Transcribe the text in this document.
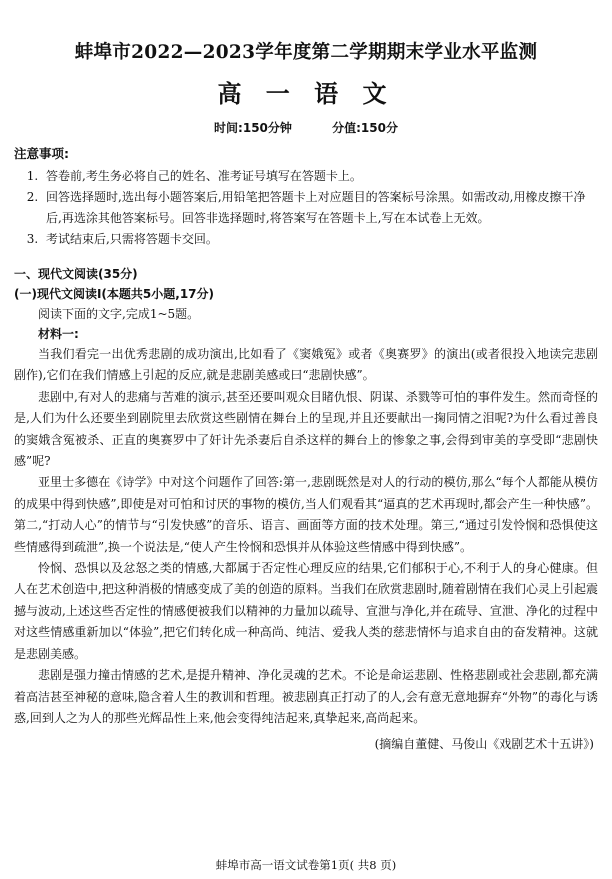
蚌埠市2022—2023学年度第二学期期末学业水平监测
高 一 语 文
时间:150分钟	分值:150分
注意事项:
1. 答卷前,考生务必将自己的姓名、准考证号填写在答题卡上。
2. 回答选择题时,选出每小题答案后,用铅笔把答题卡上对应题目的答案标号涂黑。如需改动,用橡皮擦干净后,再选涂其他答案标号。回答非选择题时,将答案写在答题卡上,写在本试卷上无效。
3. 考试结束后,只需将答题卡交回。
一、现代文阅读(35分)
(一)现代文阅读Ⅰ(本题共5小题,17分)

阅读下面的文字,完成1~5题。

材料一:

当我们看完一出优秀悲剧的成功演出,比如看了《窦娥冤》或者《奥赛罗》的演出(或者很投入地读完悲剧剧作),它们在我们情感上引起的反应,就是悲剧美感或曰“悲剧快感”。

悲剧中,有对人的悲痛与苦难的演示,甚至还要叫观众目睹仇恨、阴谋、杀戮等可怕的事件发生。然而奇怪的是,人们为什么还要坐到剧院里去欣赏这些剧情在舞台上的呈现,并且还要献出一掬同情之泪呢?为什么看过善良的窦娥含冤被杀、正直的奥赛罗中了奸计先杀妻后自杀这样的舞台上的惨象之事,会得到审美的享受即“悲剧快感”呢?

亚里士多德在《诗学》中对这个问题作了回答:第一,悲剧既然是对人的行动的模仿,那么“每个人都能从模仿的成果中得到快感”,即使是对可怕和讨厌的事物的模仿,当人们观看其“逼真的艺术再现时,都会产生一种快感”。第二,“打动人心”的情节与“引发快感”的音乐、语言、画面等方面的技术处理。第三,“通过引发怜悯和恐惧使这些情感得到疏泄”,换一个说法是,“使人产生怜悯和恐惧并从体验这些情感中得到快感”。

怜悯、恐惧以及忿怒之类的情感,大都属于否定性心理反应的结果,它们郁积于心,不利于人的身心健康。但人在艺术创造中,把这种消极的情感变成了美的创造的原料。当我们在欣赏悲剧时,随着剧情在我们心灵上引起震撼与波动,上述这些否定性的情感便被我们以精神的力量加以疏导、宣泄与净化,并在疏导、宣泄、净化的过程中对这些情感重新加以“体验”,把它们转化成一种高尚、纯洁、爱我人类的慈悲情怀与追求自由的奋发精神。这就是悲剧美感。

悲剧是强力撞击情感的艺术,是提升精神、净化灵魂的艺术。不论是命运悲剧、性格悲剧或社会悲剧,都充满着高洁甚至神秘的意味,隐含着人生的教训和哲理。被悲剧真正打动了的人,会有意无意地摒弃“外物”的毒化与诱惑,回到人之为人的那些光辉品性上来,他会变得纯洁起来,真挚起来,高尚起来。

(摘编自董健、马俊山《戏剧艺术十五讲》)
蚌埠市高一语文试卷第1页( 共8 页)
